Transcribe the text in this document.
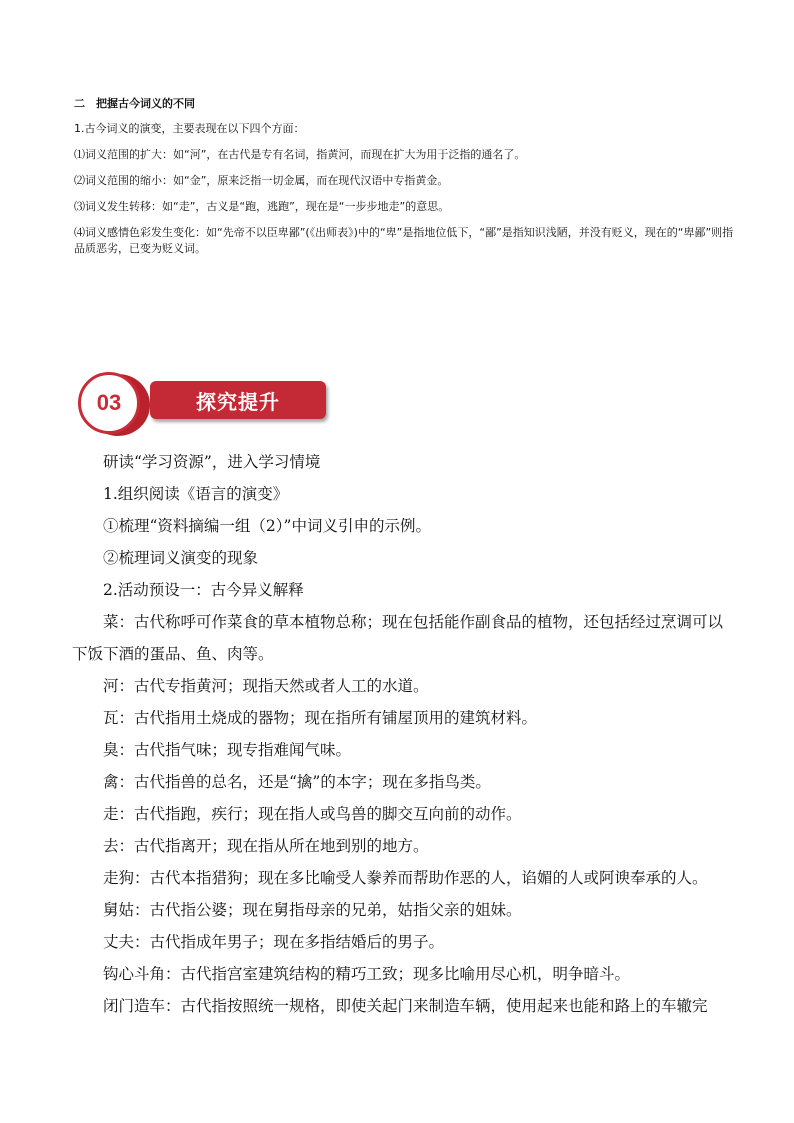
二　把握古今词义的不同

1.古今词义的演变，主要表现在以下四个方面：

⑴词义范围的扩大：如“河”，在古代是专有名词，指黄河，而现在扩大为用于泛指的通名了。

⑵词义范围的缩小：如“金”，原来泛指一切金属，而在现代汉语中专指黄金。

⑶词义发生转移：如“走”，古义是“跑，逃跑”，现在是“一步步地走”的意思。

⑷词义感情色彩发生变化：如“先帝不以臣卑鄙”(《出师表》)中的“卑”是指地位低下，“鄙”是指知识浅陋，并没有贬义，现在的“卑鄙”则指品质恶劣，已变为贬义词。

03	探究提升

研读“学习资源”，进入学习情境

1.组织阅读《语言的演变》

①梳理“资料摘编一组（2）”中词义引申的示例。

②梳理词义演变的现象

2.活动预设一：古今异义解释

菜：古代称呼可作菜食的草本植物总称；现在包括能作副食品的植物，还包括经过烹调可以下饭下酒的蛋品、鱼、肉等。

河：古代专指黄河；现指天然或者人工的水道。

瓦：古代指用土烧成的器物；现在指所有铺屋顶用的建筑材料。

臭：古代指气味；现专指难闻气味。

禽：古代指兽的总名，还是“擒”的本字；现在多指鸟类。

走：古代指跑，疾行；现在指人或鸟兽的脚交互向前的动作。

去：古代指离开；现在指从所在地到别的地方。

走狗：古代本指猎狗；现在多比喻受人豢养而帮助作恶的人，谄媚的人或阿谀奉承的人。

舅姑：古代指公婆；现在舅指母亲的兄弟，姑指父亲的姐妹。

丈夫：古代指成年男子；现在多指结婚后的男子。

钩心斗角：古代指宫室建筑结构的精巧工致；现多比喻用尽心机，明争暗斗。

闭门造车：古代指按照统一规格，即使关起门来制造车辆，使用起来也能和路上的车辙完
